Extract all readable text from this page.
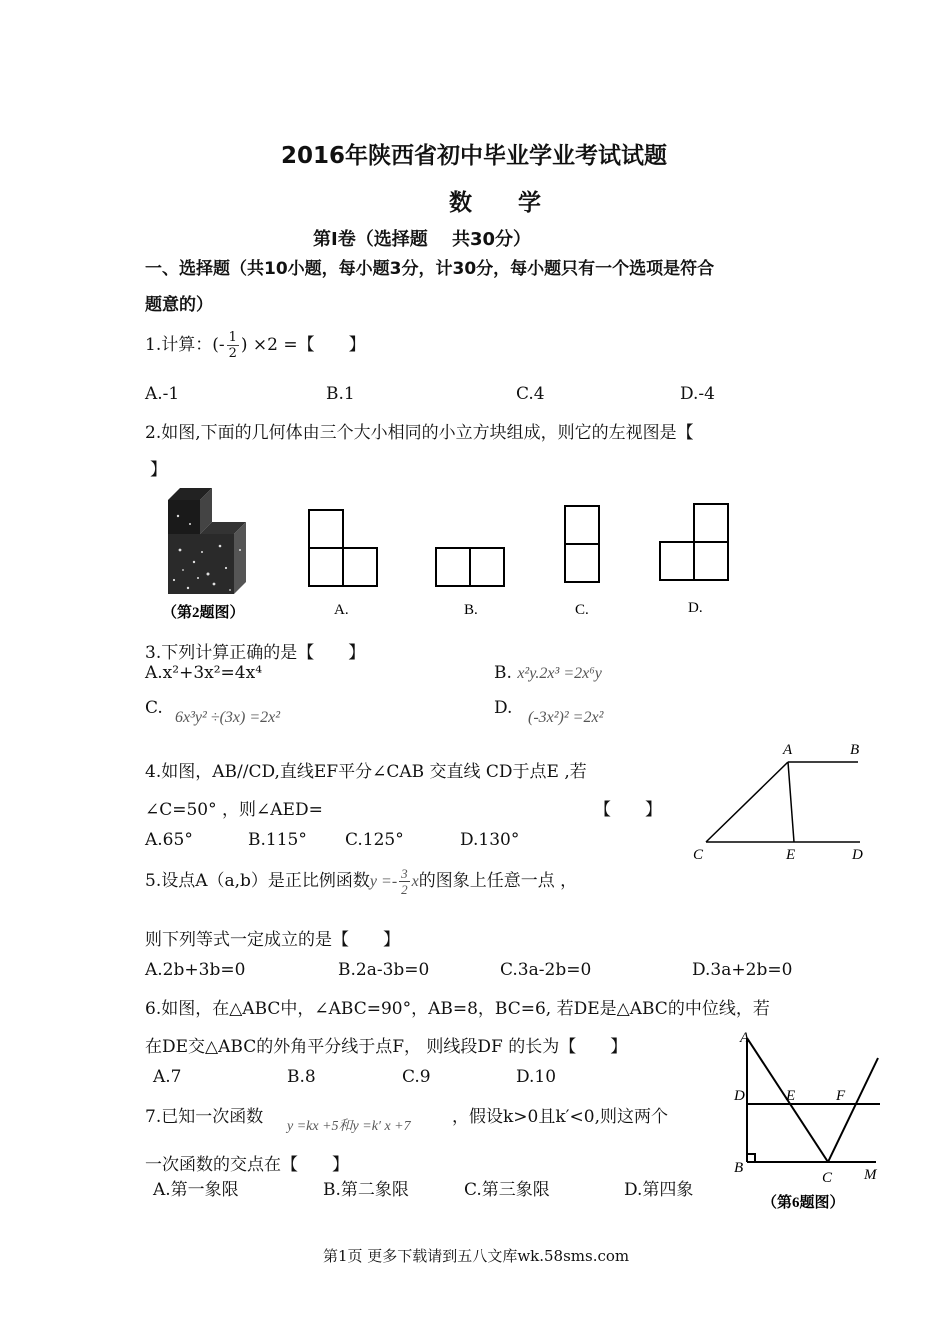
2016年陕西省初中毕业学业考试试题
数　　学
第Ⅰ卷（选择题　 共30分）
一、选择题（共10小题，每小题3分，计30分，每小题只有一个选项是符合
题意的）
1.计算：(- $\frac{1}{2}$ ) ×2 =【　　】
A.-1	B.1	C.4	D.-4
2.如图,下面的几何体由三个大小相同的小立方块组成，则它的左视图是【
】
（第2题图）	A.	B.	C.	D.
3.下列计算正确的是【　　】
A.x²+3x²=4x⁴	B. x²y.2x³ =2x⁶y
C. 6x³y² ÷(3x) =2x²	D. (-3x²)² =2x²
4.如图，AB//CD,直线EF平分∠CAB 交直线 CD于点E ,若
∠C=50° ，则∠AED=	【　　】
A.65°	B.115° C.125°	D.130°
A	B
C	E	D
5.设点A（a,b）是正比例函数$y =- \frac{3}{2}$ x的图象上任意一点 ，
则下列等式一定成立的是【　　】
A.2b+3b=0	B.2a-3b=0	C.3a-2b=0	D.3a+2b=0
6.如图，在△ABC中，∠ABC=90°，AB=8，BC=6, 若DE是△ABC的中位线，若
在DE交△ABC的外角平分线于点F， 则线段DF 的长为【　　】
A.7	B.8	C.9	D.10
A
D	E	F
B
C M
（第6题图）
7.已知一次函数 y =kx +5和y =k′ x +7 ，假设k>0且k′<0,则这两个
一次函数的交点在【　　】
A.第一象限	B.第二象限	C.第三象限	D.第四象
第1页 更多下载请到五八文库wk.58sms.com
